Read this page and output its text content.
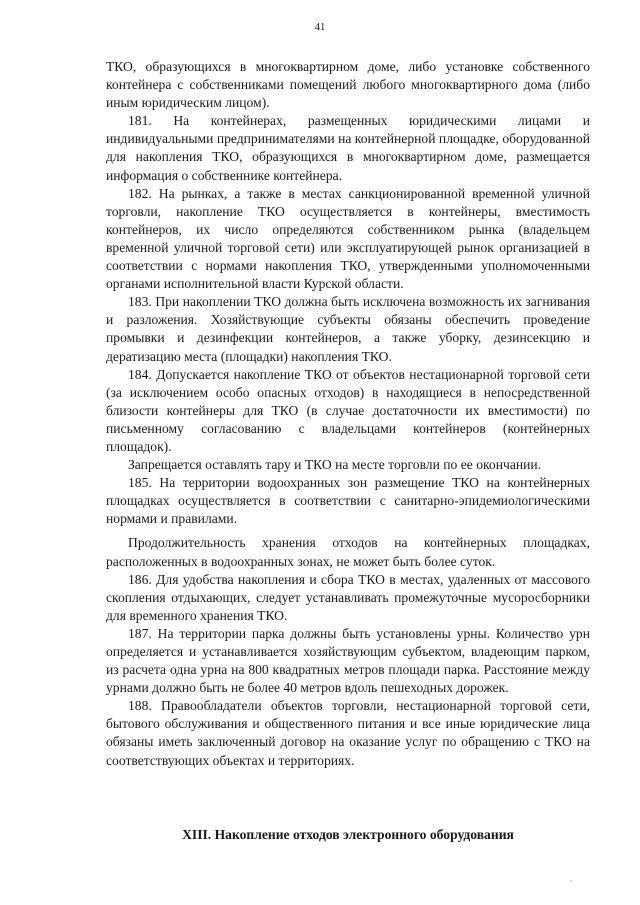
41

ТКО, образующихся в многоквартирном доме, либо установке собственного контейнера с собственниками помещений любого многоквартирного дома (либо иным юридическим лицом).

181. На контейнерах, размещенных юридическими лицами и индивидуальными предпринимателями на контейнерной площадке, оборудованной для накопления ТКО, образующихся в многоквартирном доме, размещается информация о собственнике контейнера.

182. На рынках, а также в местах санкционированной временной уличной торговли, накопление ТКО осуществляется в контейнеры, вместимость контейнеров, их число определяются собственником рынка (владельцем временной уличной торговой сети) или эксплуатирующей рынок организацией в соответствии с нормами накопления ТКО, утвержденными уполномоченными органами исполнительной власти Курской области.

183. При накоплении ТКО должна быть исключена возможность их загнивания и разложения. Хозяйствующие субъекты обязаны обеспечить проведение промывки и дезинфекции контейнеров, а также уборку, дезинсекцию и дератизацию места (площадки) накопления ТКО.

184. Допускается накопление ТКО от объектов нестационарной торговой сети (за исключением особо опасных отходов) в находящиеся в непосредственной близости контейнеры для ТКО (в случае достаточности их вместимости) по письменному согласованию с владельцами контейнеров (контейнерных площадок).

Запрещается оставлять тару и ТКО на месте торговли по ее окончании.

185. На территории водоохранных зон размещение ТКО на контейнерных площадках осуществляется в соответствии с санитарно-эпидемиологическими нормами и правилами.

Продолжительность хранения отходов на контейнерных площадках, расположенных в водоохранных зонах, не может быть более суток.

186. Для удобства накопления и сбора ТКО в местах, удаленных от массового скопления отдыхающих, следует устанавливать промежуточные мусоросборники для временного хранения ТКО.

187. На территории парка должны быть установлены урны. Количество урн определяется и устанавливается хозяйствующим субъектом, владеющим парком, из расчета одна урна на 800 квадратных метров площади парка. Расстояние между урнами должно быть не более 40 метров вдоль пешеходных дорожек.

188. Правообладатели объектов торговли, нестационарной торговой сети, бытового обслуживания и общественного питания и все иные юридические лица обязаны иметь заключенный договор на оказание услуг по обращению с ТКО на соответствующих объектах и территориях.

XIII. Накопление отходов электронного оборудования
